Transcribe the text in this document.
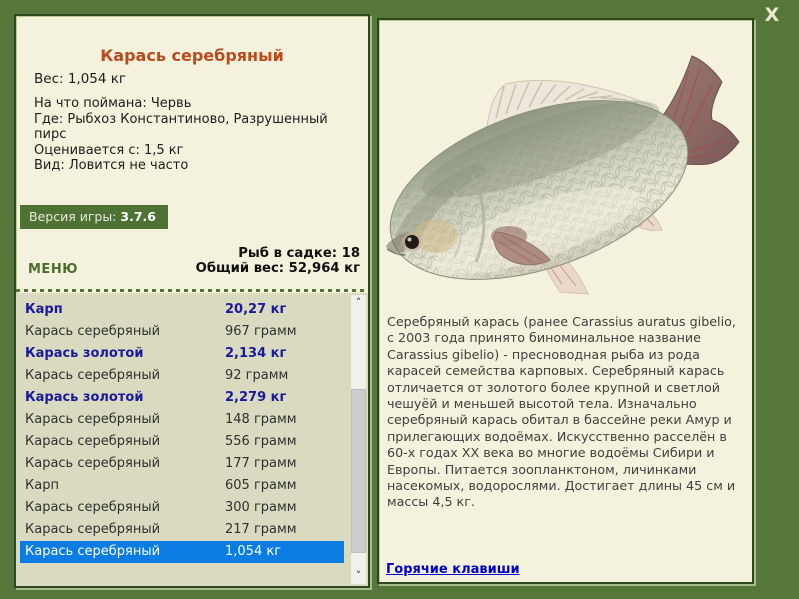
Карась серебряный
Вес: 1,054 кг
На что поймана: Червь
Где: Рыбхоз Константиново, Разрушенный пирс
Оценивается с: 1,5 кг
Вид: Ловится не часто
Версия игры: 3.7.6
МЕНЮ
Рыб в садке: 18
Общий вес: 52,964 кг
Карп	20,27 кг
Карась серебряный	967 грамм
Карась золотой	2,134 кг
Карась серебряный	92 грамм
Карась золотой	2,279 кг
Карась серебряный	148 грамм
Карась серебряный	556 грамм
Карась серебряный	177 грамм
Карп	605 грамм
Карась серебряный	300 грамм
Карась серебряный	217 грамм
Карась серебряный	1,054 кг
˄
˅
Серебряный карась (ранее Carassius auratus gibelio, с 2003 года принято биноминальное название Carassius gibelio) - пресноводная рыба из рода карасей семейства карповых. Серебряный карась отличается от золотого более крупной и светлой чешуёй и меньшей высотой тела. Изначально серебряный карась обитал в бассейне реки Амур и прилегающих водоёмах. Искусственно расселён в 60-х годах XX века во многие водоёмы Сибири и Европы. Питается зоопланктоном, личинками насекомых, водорослями. Достигает длины 45 см и массы 4,5 кг.
Горячие клавиши
X
